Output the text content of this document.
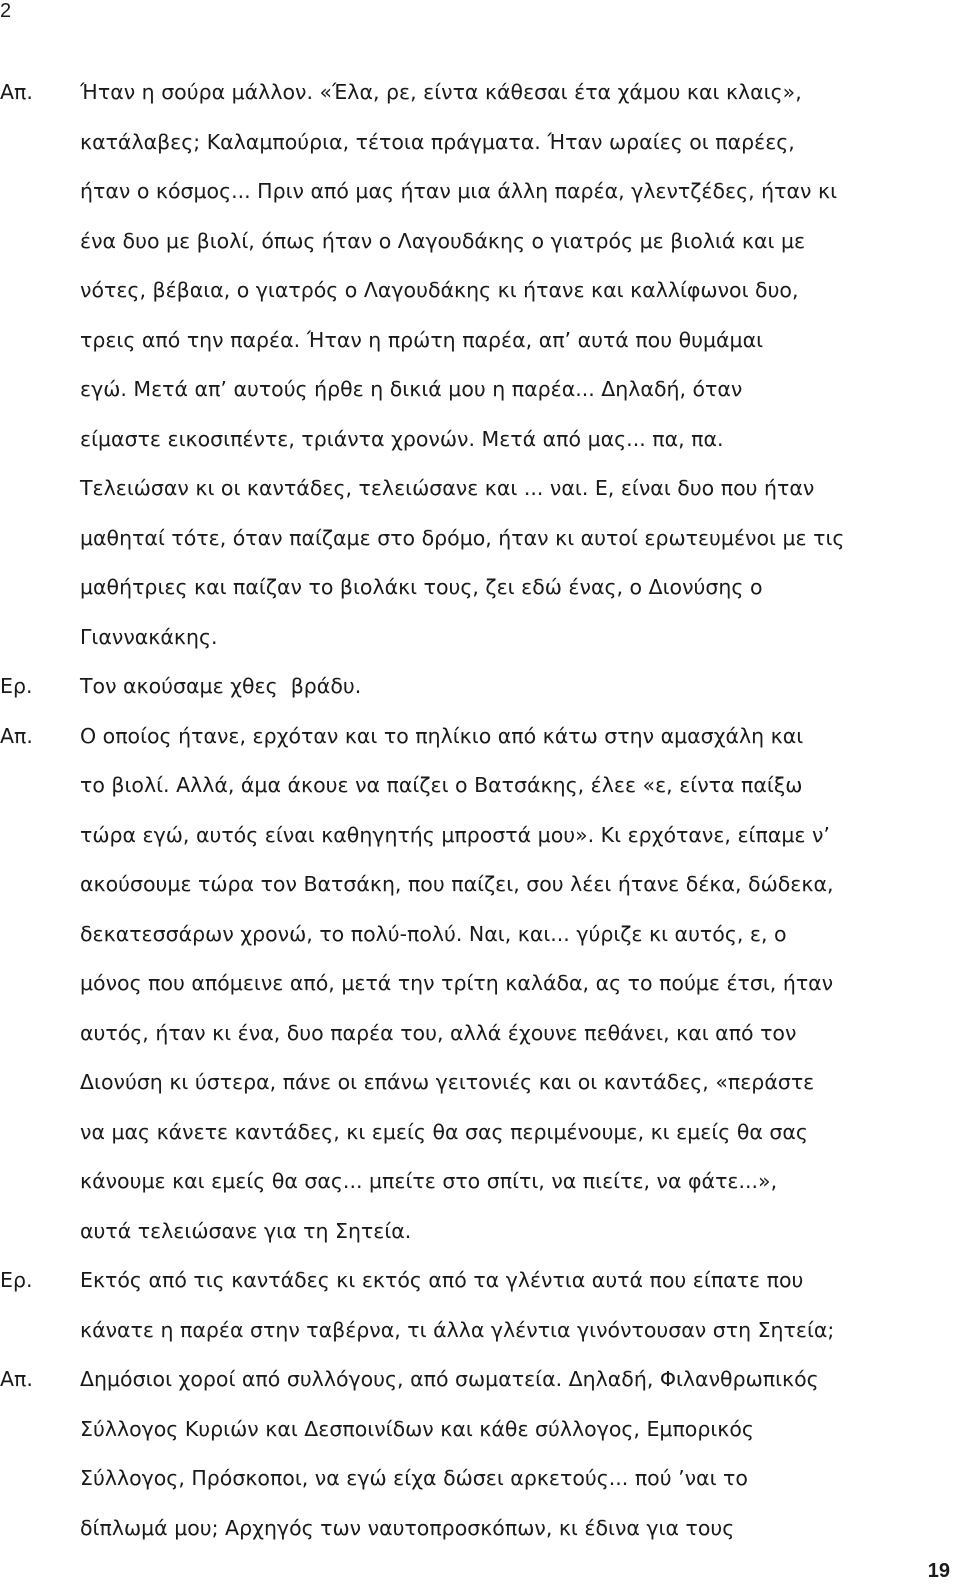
2
Απ.	Ήταν η σούρα μάλλον. «Έλα, ρε, είντα κάθεσαι έτα χάμου και κλαις»,
κατάλαβες; Καλαμπούρια, τέτοια πράγματα. Ήταν ωραίες οι παρέες,
ήταν ο κόσμος... Πριν από μας ήταν μια άλλη παρέα, γλεντζέδες, ήταν κι
ένα δυο με βιολί, όπως ήταν ο Λαγουδάκης ο γιατρός με βιολιά και με
νότες, βέβαια, ο γιατρός ο Λαγουδάκης κι ήτανε και καλλίφωνοι δυο,
τρεις από την παρέα. Ήταν η πρώτη παρέα, απ’ αυτά που θυμάμαι
εγώ. Μετά απ’ αυτούς ήρθε η δικιά μου η παρέα... Δηλαδή, όταν
είμαστε εικοσιπέντε, τριάντα χρονών. Μετά από μας... πα, πα.
Τελειώσαν κι οι καντάδες, τελειώσανε και ... ναι. Ε, είναι δυο που ήταν
μαθηταί τότε, όταν παίζαμε στο δρόμο, ήταν κι αυτοί ερωτευμένοι με τις
μαθήτριες και παίζαν το βιολάκι τους, ζει εδώ ένας, ο Διονύσης ο
Γιαννακάκης.

Ερ.	Τον ακούσαμε χθες  βράδυ.

Απ.	Ο οποίος ήτανε, ερχόταν και το πηλίκιο από κάτω στην αμασχάλη και
το βιολί. Αλλά, άμα άκουε να παίζει ο Βατσάκης, έλεε «ε, είντα παίξω
τώρα εγώ, αυτός είναι καθηγητής μπροστά μου». Κι ερχότανε, είπαμε ν’
ακούσουμε τώρα τον Βατσάκη, που παίζει, σου λέει ήτανε δέκα, δώδεκα,
δεκατεσσάρων χρονώ, το πολύ-πολύ. Ναι, και... γύριζε κι αυτός, ε, ο
μόνος που απόμεινε από, μετά την τρίτη καλάδα, ας το πούμε έτσι, ήταν
αυτός, ήταν κι ένα, δυο παρέα του, αλλά έχουνε πεθάνει, και από τον
Διονύση κι ύστερα, πάνε οι επάνω γειτονιές και οι καντάδες, «περάστε
να μας κάνετε καντάδες, κι εμείς θα σας περιμένουμε, κι εμείς θα σας
κάνουμε και εμείς θα σας... μπείτε στο σπίτι, να πιείτε, να φάτε...»,
αυτά τελειώσανε για τη Σητεία.

Ερ.	Εκτός από τις καντάδες κι εκτός από τα γλέντια αυτά που είπατε που
κάνατε η παρέα στην ταβέρνα, τι άλλα γλέντια γινόντουσαν στη Σητεία;

Απ.	Δημόσιοι χοροί από συλλόγους, από σωματεία. Δηλαδή, Φιλανθρωπικός
Σύλλογος Κυριών και Δεσποινίδων και κάθε σύλλογος, Εμπορικός
Σύλλογος, Πρόσκοποι, να εγώ είχα δώσει αρκετούς... πού ’ναι το
δίπλωμά μου; Αρχηγός των ναυτοπροσκόπων, κι έδινα για τους

19
